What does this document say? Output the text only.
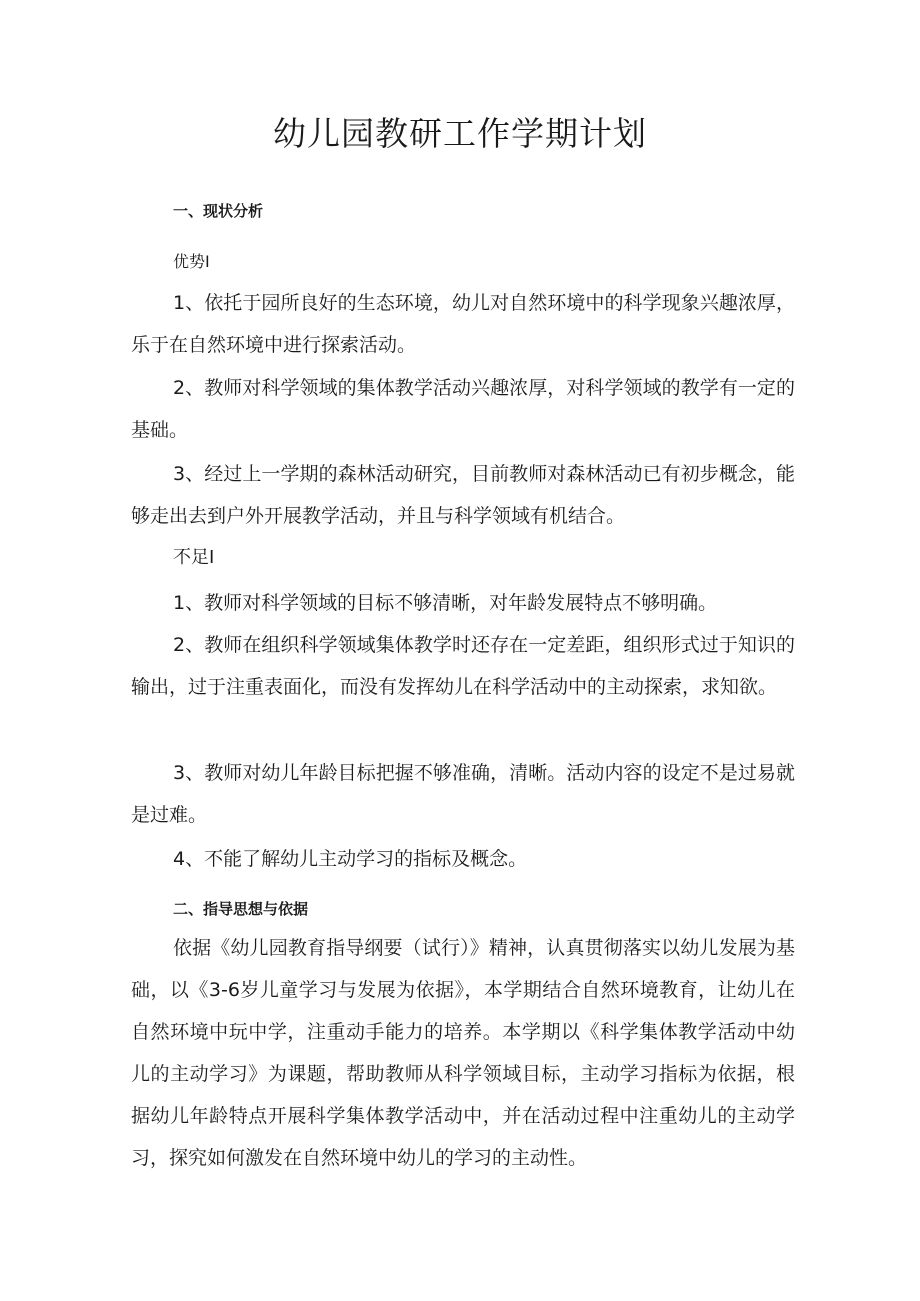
幼儿园教研工作学期计划
一、现状分析

优势I

1、依托于园所良好的生态环境，幼儿对自然环境中的科学现象兴趣浓厚，乐于在自然环境中进行探索活动。

2、教师对科学领域的集体教学活动兴趣浓厚，对科学领域的教学有一定的基础。

3、经过上一学期的森林活动研究，目前教师对森林活动已有初步概念，能够走出去到户外开展教学活动，并且与科学领域有机结合。

不足I

1、教师对科学领域的目标不够清晰，对年龄发展特点不够明确。

2、教师在组织科学领域集体教学时还存在一定差距，组织形式过于知识的输出，过于注重表面化，而没有发挥幼儿在科学活动中的主动探索，求知欲。

3、教师对幼儿年龄目标把握不够准确，清晰。活动内容的设定不是过易就是过难。

4、不能了解幼儿主动学习的指标及概念。

二、指导思想与依据

依据《幼儿园教育指导纲要（试行）》精神，认真贯彻落实以幼儿发展为基础，以《3-6岁儿童学习与发展为依据》，本学期结合自然环境教育，让幼儿在自然环境中玩中学，注重动手能力的培养。本学期以《科学集体教学活动中幼儿的主动学习》为课题，帮助教师从科学领域目标，主动学习指标为依据，根据幼儿年龄特点开展科学集体教学活动中，并在活动过程中注重幼儿的主动学习，探究如何激发在自然环境中幼儿的学习的主动性。
